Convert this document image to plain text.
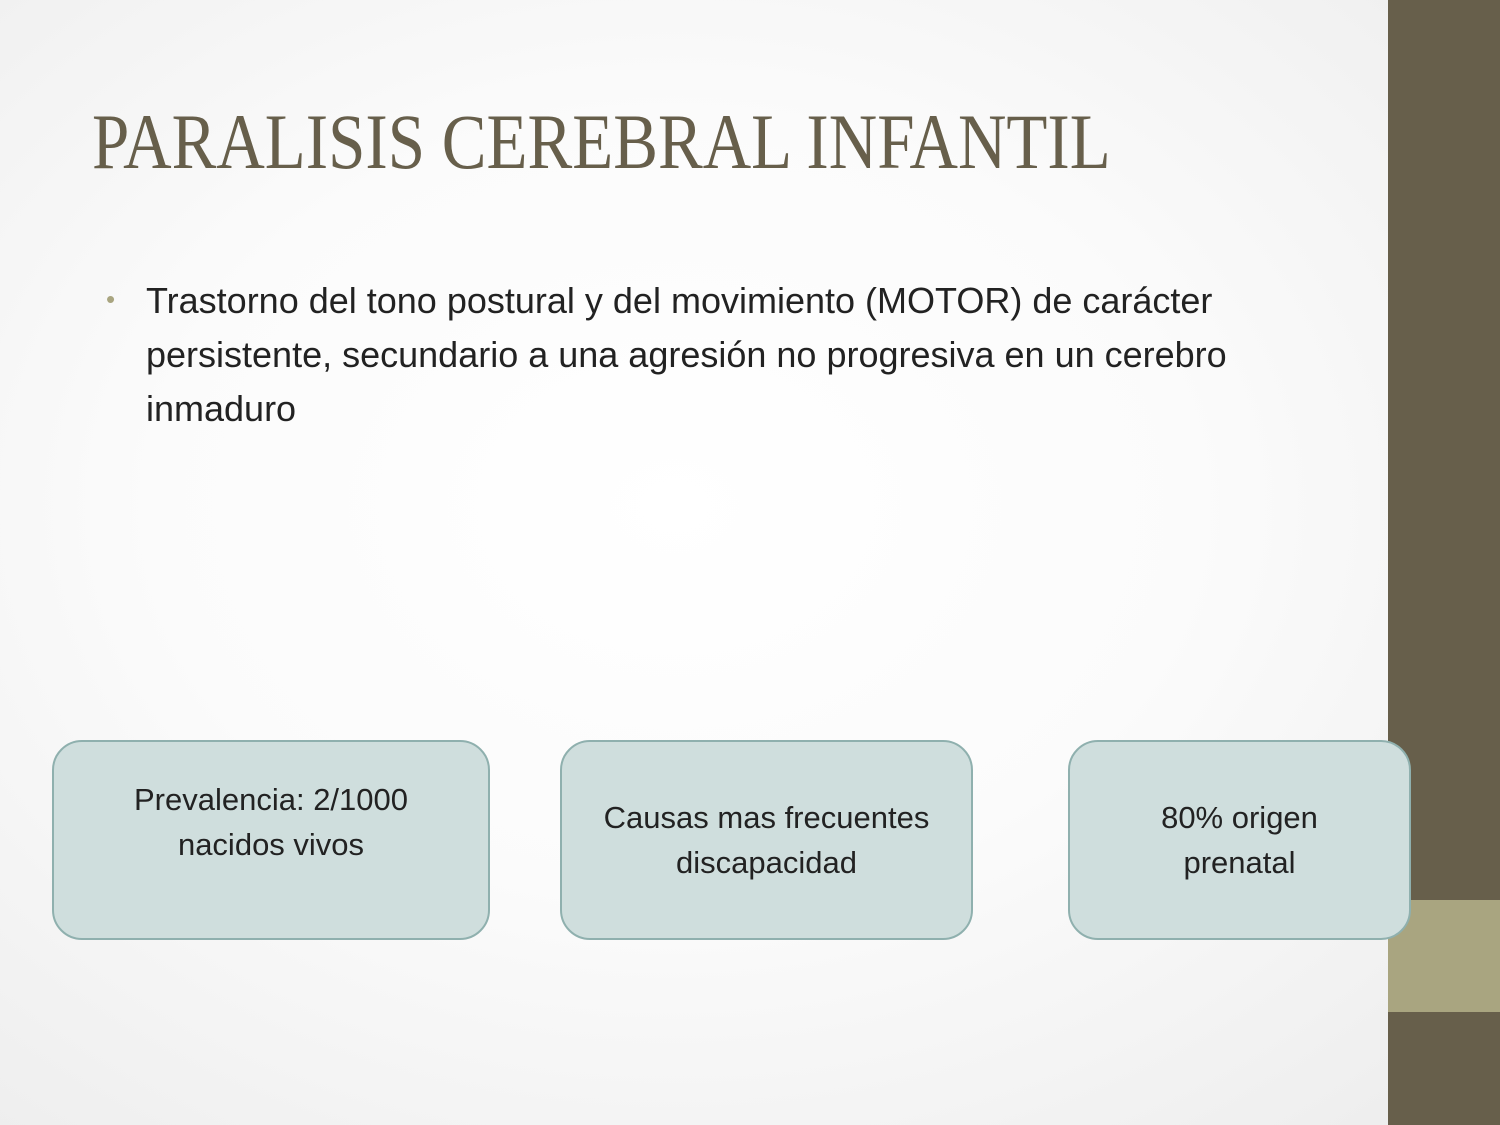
PARALISIS CEREBRAL INFANTIL
• Trastorno del tono postural y del movimiento (MOTOR) de carácter persistente, secundario a una agresión no progresiva en un cerebro inmaduro
Prevalencia: 2/1000
nacidos vivos
Causas mas frecuentes
discapacidad
80% origen
prenatal
